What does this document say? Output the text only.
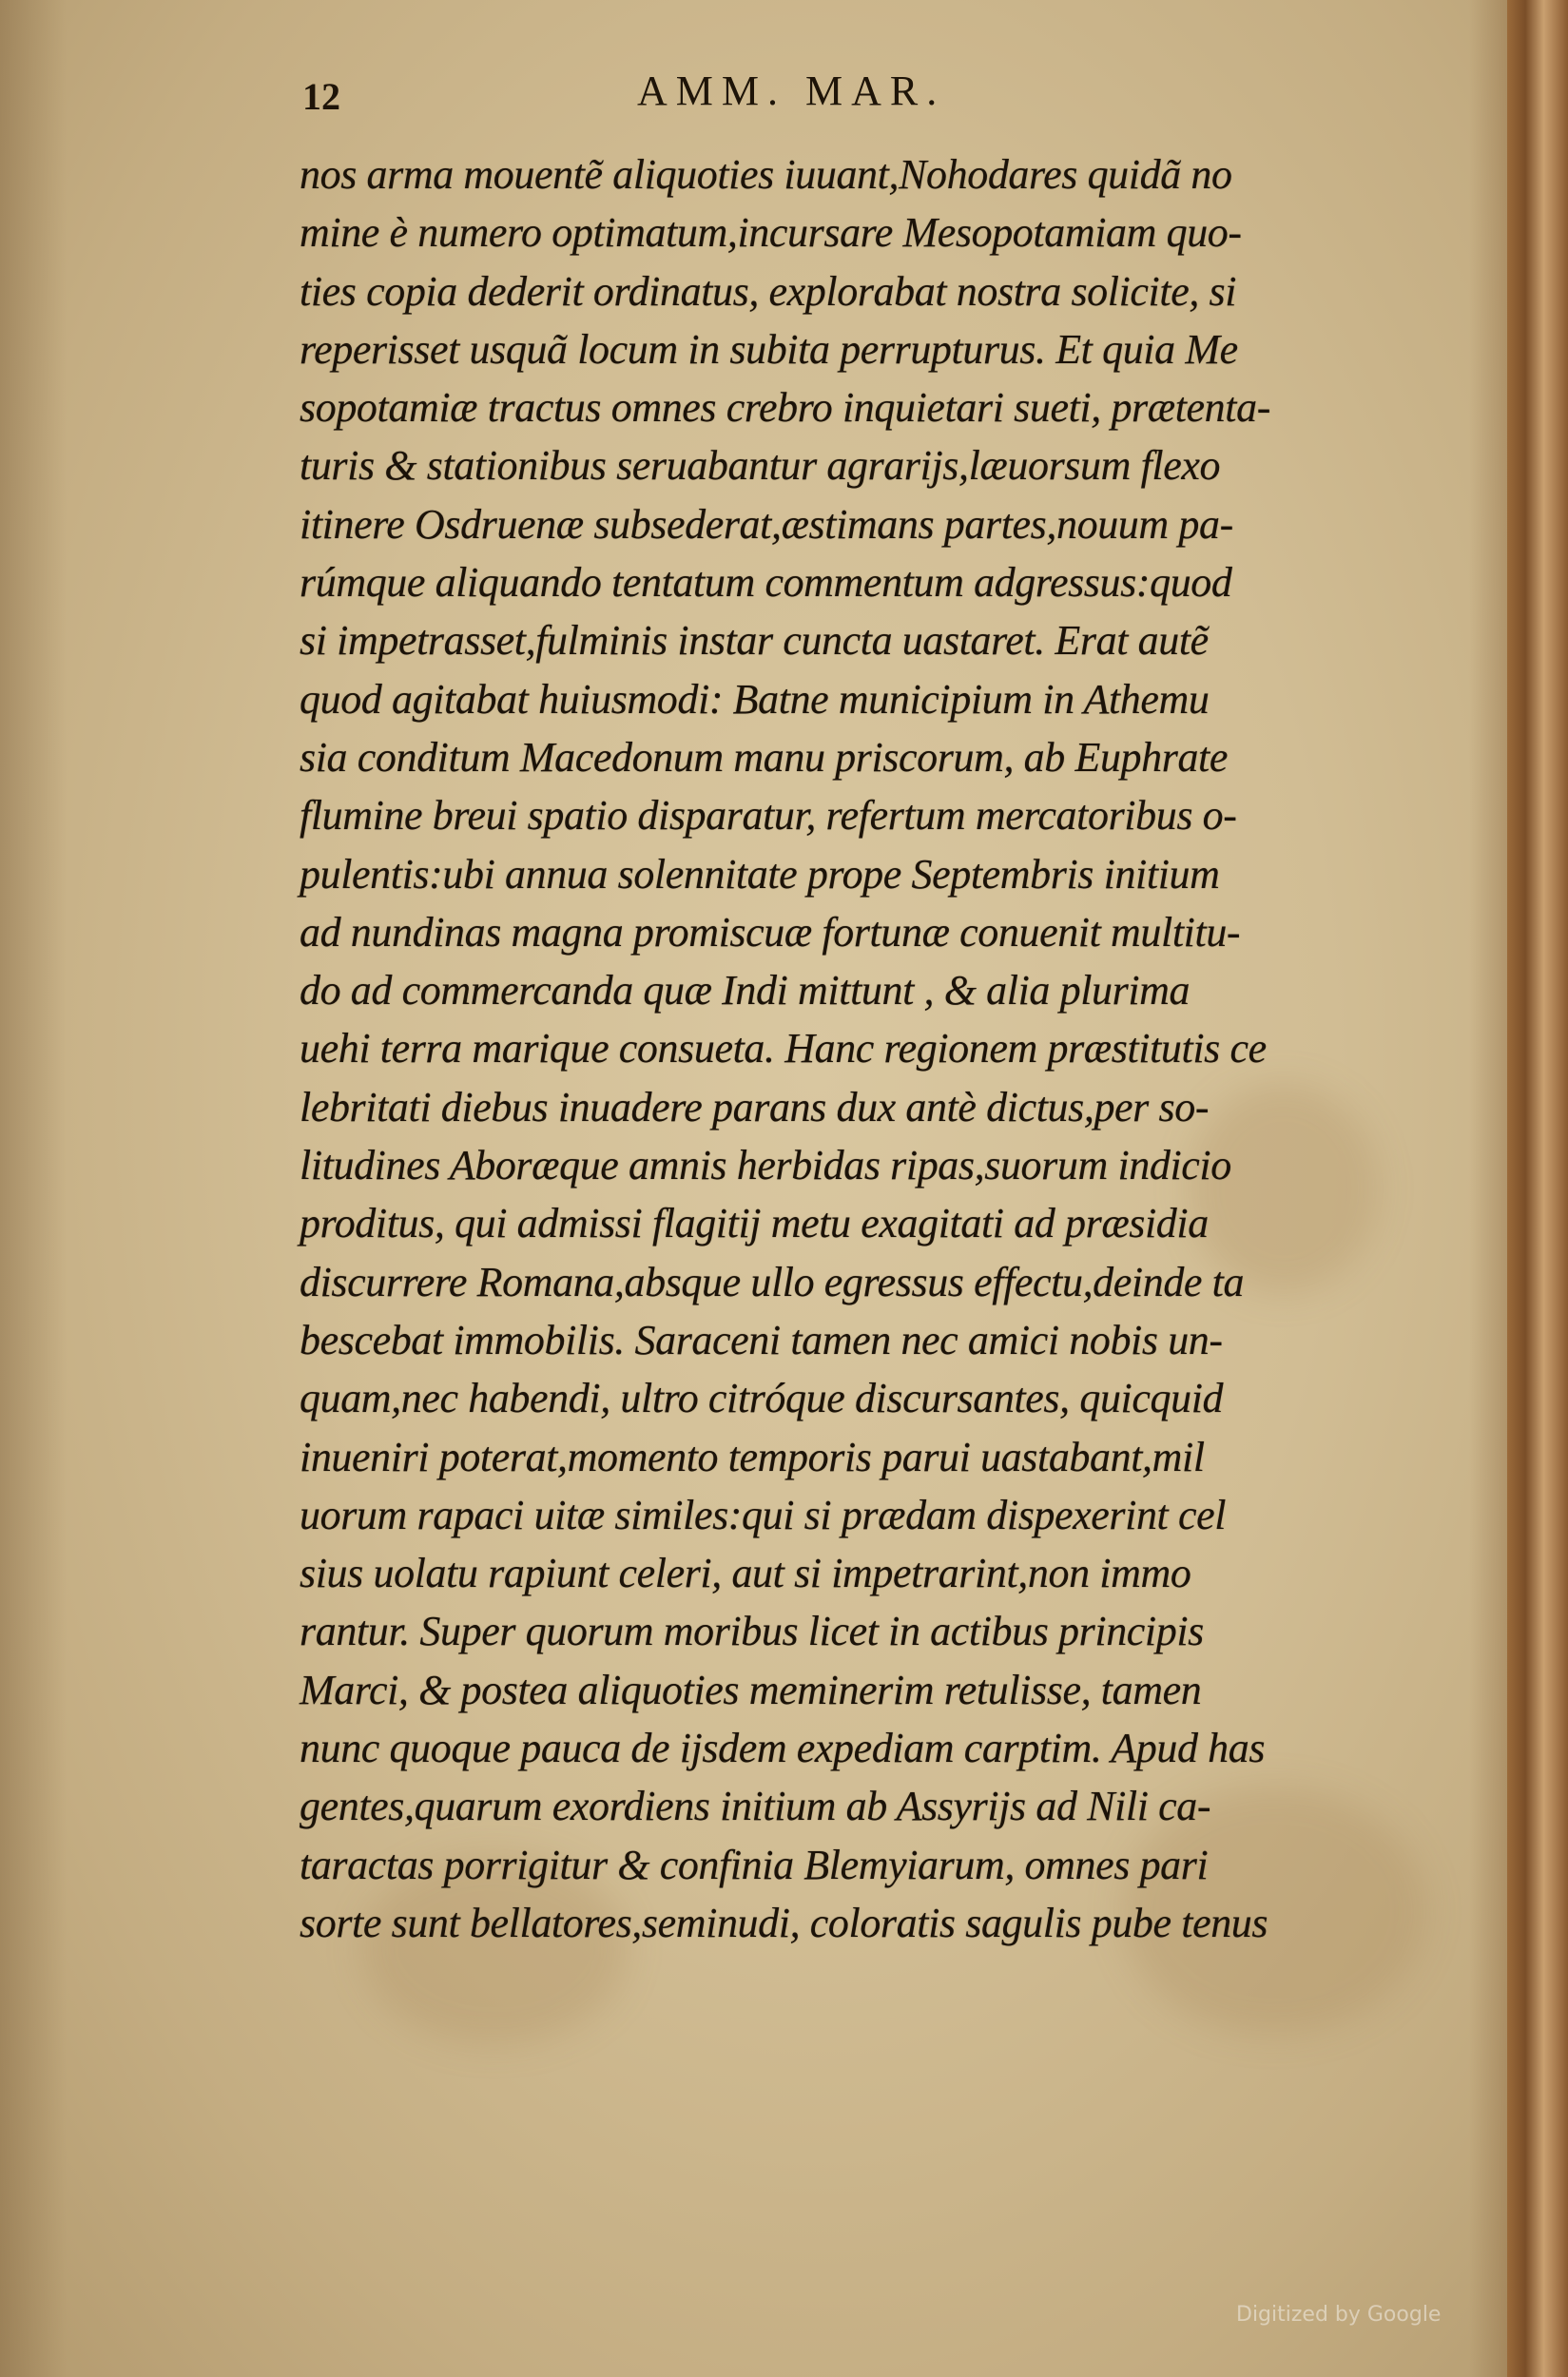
12	AMM. MAR.
nos arma mouentẽ aliquoties iuuant,Nohodares quidã no
mine è numero optimatum,incursare Mesopotamiam quo-
ties copia dederit ordinatus, explorabat nostra solicite, si
reperisset usquã locum in subita perrupturus. Et quia Me
sopotamiæ tractus omnes crebro inquietari sueti, prætenta-
turis & stationibus seruabantur agrarijs,læuorsum flexo
itinere Osdruenæ subsederat,æstimans partes,nouum pa-
rúmque aliquando tentatum commentum adgressus:quod
si impetrasset,fulminis instar cuncta uastaret. Erat autẽ
quod agitabat huiusmodi: Batne municipium in Athemu
sia conditum Macedonum manu priscorum, ab Euphrate
flumine breui spatio disparatur, refertum mercatoribus o-
pulentis:ubi annua solennitate prope Septembris initium
ad nundinas magna promiscuæ fortunæ conuenit multitu-
do ad commercanda quæ Indi mittunt , & alia plurima
uehi terra marique consueta. Hanc regionem præstitutis ce
lebritati diebus inuadere parans dux antè dictus,per so-
litudines Aboræque amnis herbidas ripas,suorum indicio
proditus, qui admissi flagitij metu exagitati ad præsidia
discurrere Romana,absque ullo egressus effectu,deinde ta
bescebat immobilis. Saraceni tamen nec amici nobis un-
quam,nec habendi, ultro citróque discursantes, quicquid
inueniri poterat,momento temporis parui uastabant,mil
uorum rapaci uitæ similes:qui si prædam dispexerint cel
sius uolatu rapiunt celeri, aut si impetrarint,non immo
rantur. Super quorum moribus licet in actibus principis
Marci, & postea aliquoties meminerim retulisse, tamen
nunc quoque pauca de ijsdem expediam carptim. Apud has
gentes,quarum exordiens initium ab Assyrijs ad Nili ca-
taractas porrigitur & confinia Blemyiarum, omnes pari
sorte sunt bellatores,seminudi, coloratis sagulis pube tenus
Digitized by Google
